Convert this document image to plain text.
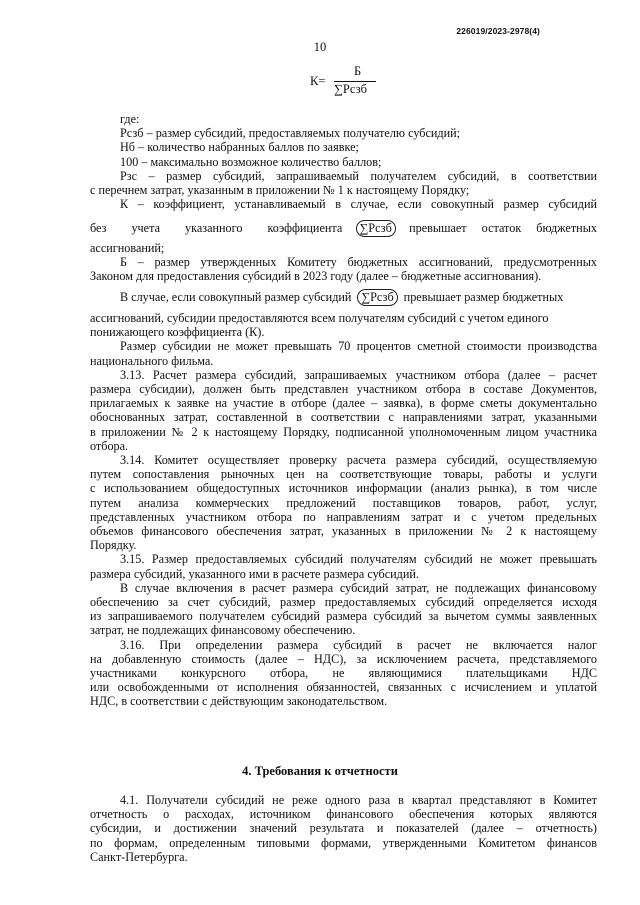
226019/2023-2978(4)
10
К=
Б
∑Рсзб
где:
Рсзб – размер субсидий, предоставляемых получателю субсидий;
Нб – количество набранных баллов по заявке;
100 – максимально возможное количество баллов;
Рзс – размер субсидий, запрашиваемый получателем субсидий, в соответствии
с перечнем затрат, указанным в приложении № 1 к настоящему Порядку;
К – коэффициент, устанавливаемый в случае, если совокупный размер субсидий
без учета указанного коэффициента	∑Рсзб	превышает остаток бюджетных
ассигнований;
Б – размер утвержденных Комитету бюджетных ассигнований, предусмотренных
Законом для предоставления субсидий в 2023 году (далее – бюджетные ассигнования).
В случае, если совокупный размер субсидий ∑Рсзб превышает размер бюджетных
ассигнований, субсидии предоставляются всем получателям субсидий с учетом единого
понижающего коэффициента (К).
Размер субсидии не может превышать 70 процентов сметной стоимости производства
национального фильма.
3.13. Расчет размера субсидий, запрашиваемых участником отбора (далее – расчет
размера субсидии), должен быть представлен участником отбора в составе Документов,
прилагаемых к заявке на участие в отборе (далее – заявка), в форме сметы документально
обоснованных затрат, составленной в соответствии с направлениями затрат, указанными
в приложении № 2 к настоящему Порядку, подписанной уполномоченным лицом участника
отбора.
3.14. Комитет осуществляет проверку расчета размера субсидий, осуществляемую
путем сопоставления рыночных цен на соответствующие товары, работы и услуги
с использованием общедоступных источников информации (анализ рынка), в том числе
путем анализа коммерческих предложений поставщиков товаров, работ, услуг,
представленных участником отбора по направлениям затрат и с учетом предельных
объемов финансового обеспечения затрат, указанных в приложении № 2 к настоящему
Порядку.
3.15. Размер предоставляемых субсидий получателям субсидий не может превышать
размера субсидий, указанного ими в расчете размера субсидий.
В случае включения в расчет размера субсидий затрат, не подлежащих финансовому
обеспечению за счет субсидий, размер предоставляемых субсидий определяется исходя
из запрашиваемого получателем субсидий размера субсидий за вычетом суммы заявленных
затрат, не подлежащих финансовому обеспечению.
3.16. При определении размера субсидий в расчет не включается налог
на добавленную стоимость (далее – НДС), за исключением расчета, представляемого
участниками конкурсного отбора, не являющимися плательщиками НДС
или освобожденными от исполнения обязанностей, связанных с исчислением и уплатой
НДС, в соответствии с действующим законодательством.
4. Требования к отчетности
4.1. Получатели субсидий не реже одного раза в квартал представляют в Комитет
отчетность о расходах, источником финансового обеспечения которых являются
субсидии, и достижении значений результата и показателей (далее – отчетность)
по формам, определенным типовыми формами, утвержденными Комитетом финансов
Санкт-Петербурга.
